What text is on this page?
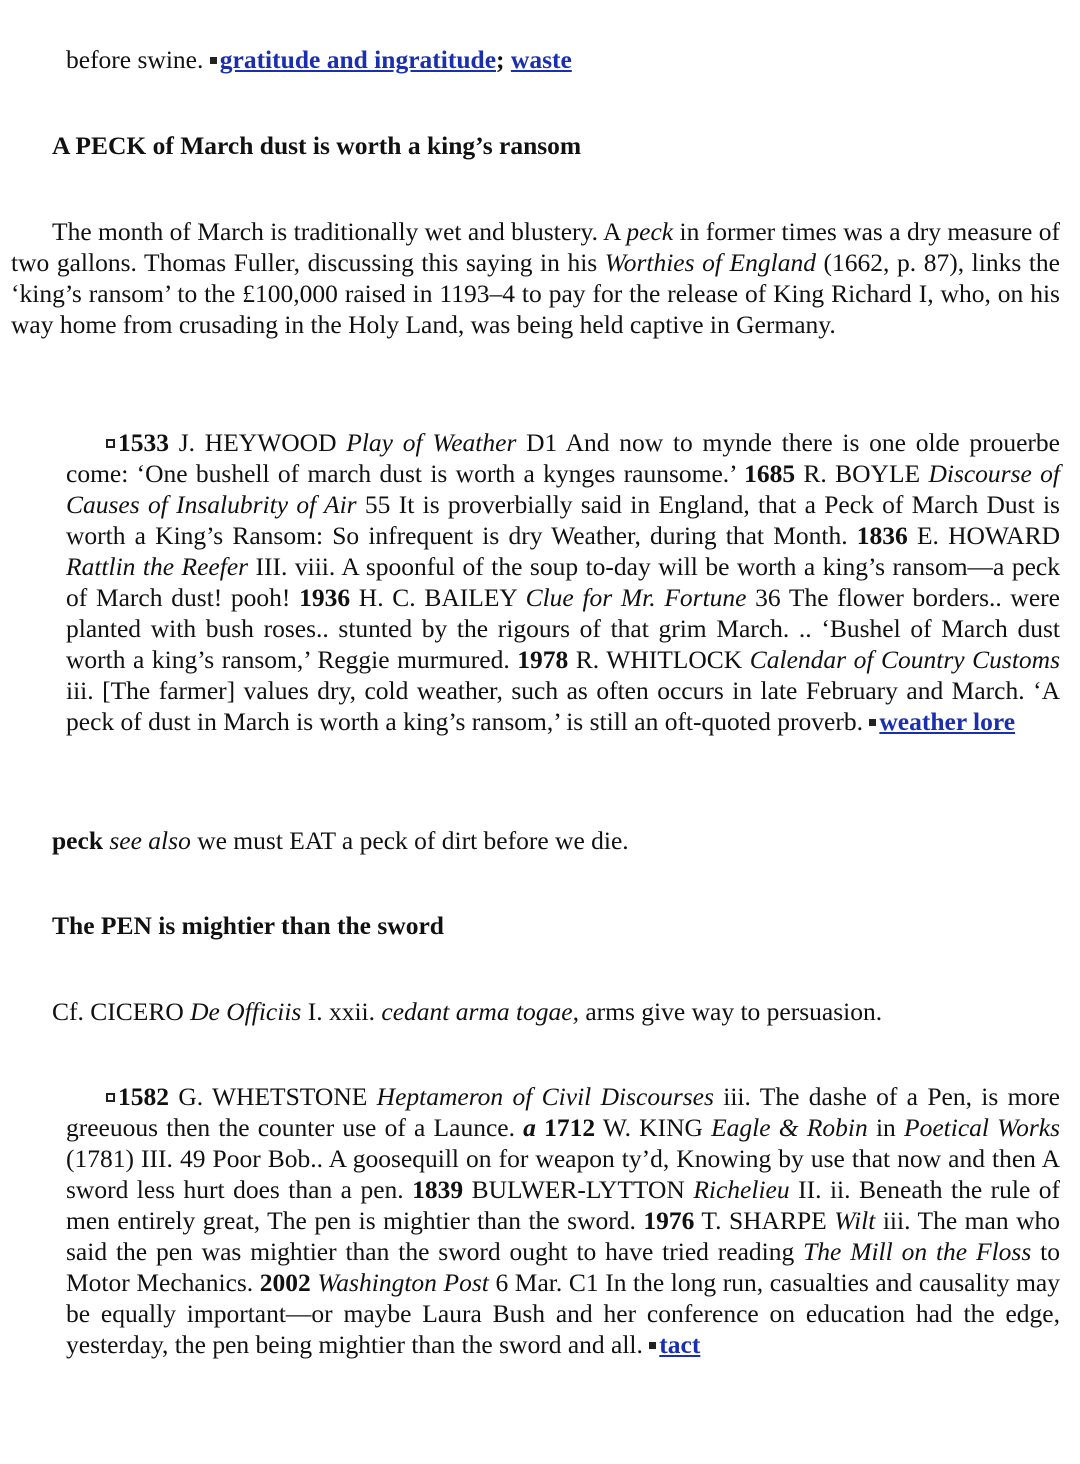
before swine. gratitude and ingratitude; waste

A PECK of March dust is worth a king’s ransom

The month of March is traditionally wet and blustery. A peck in former times was a dry measure of two gallons. Thomas Fuller, discussing this saying in his Worthies of England (1662, p. 87), links the ‘king’s ransom’ to the £100,000 raised in 1193–4 to pay for the release of King Richard I, who, on his way home from crusading in the Holy Land, was being held captive in Germany.

1533 J. HEYWOOD Play of Weather D1 And now to mynde there is one olde prouerbe come: ‘One bushell of march dust is worth a kynges raunsome.’ 1685 R. BOYLE Discourse of Causes of Insalubrity of Air 55 It is proverbially said in England, that a Peck of March Dust is worth a King’s Ransom: So infrequent is dry Weather, during that Month. 1836 E. HOWARD Rattlin the Reefer III. viii. A spoonful of the soup to-day will be worth a king’s ransom—a peck of March dust! pooh! 1936 H. C. BAILEY Clue for Mr. Fortune 36 The flower borders.. were planted with bush roses.. stunted by the rigours of that grim March. .. ‘Bushel of March dust worth a king’s ransom,’ Reggie murmured. 1978 R. WHITLOCK Calendar of Country Customs iii. [The farmer] values dry, cold weather, such as often occurs in late February and March. ‘A peck of dust in March is worth a king’s ransom,’ is still an oft-quoted proverb. weather lore

peck see also we must EAT a peck of dirt before we die.

The PEN is mightier than the sword

Cf. CICERO De Officiis I. xxii. cedant arma togae, arms give way to persuasion.

1582 G. WHETSTONE Heptameron of Civil Discourses iii. The dashe of a Pen, is more greeuous then the counter use of a Launce. a 1712 W. KING Eagle & Robin in Poetical Works (1781) III. 49 Poor Bob.. A goosequill on for weapon ty’d, Knowing by use that now and then A sword less hurt does than a pen. 1839 BULWER-LYTTON Richelieu II. ii. Beneath the rule of men entirely great, The pen is mightier than the sword. 1976 T. SHARPE Wilt iii. The man who said the pen was mightier than the sword ought to have tried reading The Mill on the Floss to Motor Mechanics. 2002 Washington Post 6 Mar. C1 In the long run, casualties and causality may be equally important—or maybe Laura Bush and her conference on education had the edge, yesterday, the pen being mightier than the sword and all. tact
